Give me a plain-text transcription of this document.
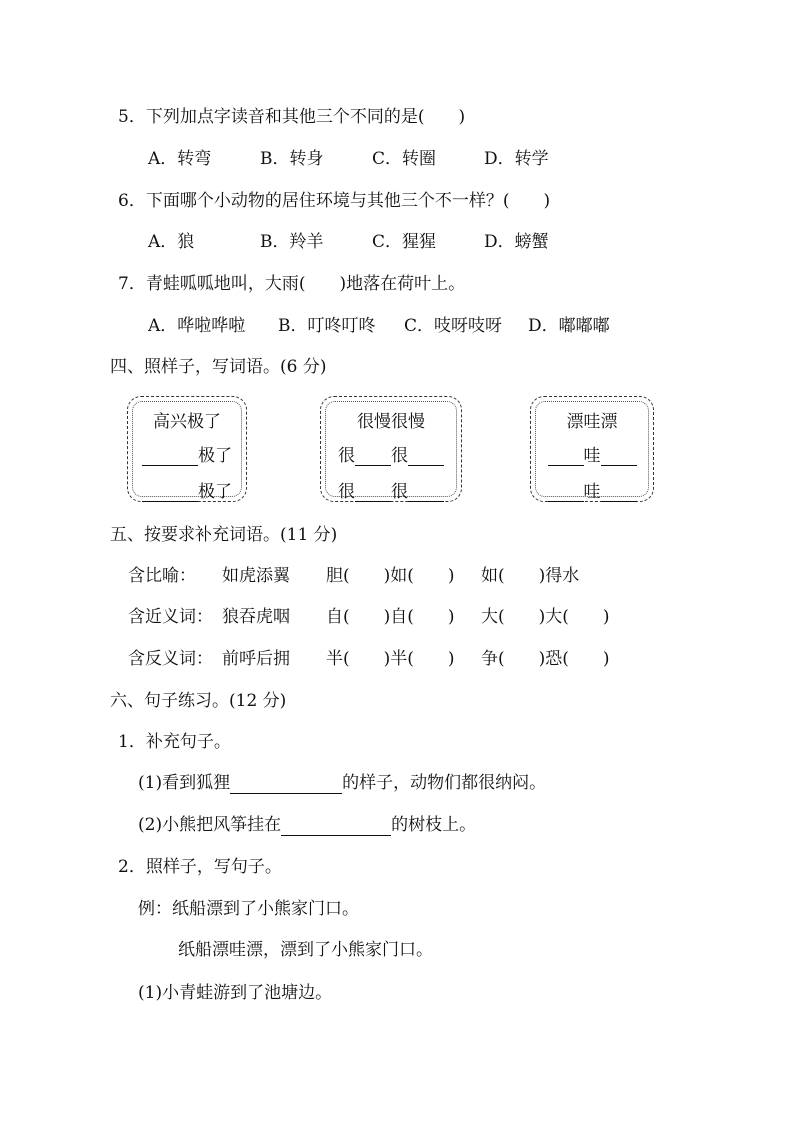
5．下列加点字读音和其他三个不同的是(　　)
A．转弯	B．转身	C．转圈	D．转学
6．下面哪个小动物的居住环境与其他三个不一样？(　　)
A．狼	B．羚羊	C．猩猩	D．螃蟹
7．青蛙呱呱地叫，大雨(　　)地落在荷叶上。
A．哗啦哗啦 B．叮咚叮咚 C．吱呀吱呀 D．嘟嘟嘟
四、照样子，写词语。(6 分)
高兴极了
极了
极了
很慢很慢
很 很
很 很
漂哇漂
哇
哇
五、按要求补充词语。(11 分)
含比喻： 如虎添翼 胆(　　)如(　　) 如(　　)得水
含近义词： 狼吞虎咽 自(　　)自(　　) 大(　　)大(　　)
含反义词： 前呼后拥 半(　　)半(　　) 争(　　)恐(　　)
六、句子练习。(12 分)
1．补充句子。
(1)看到狐狸	的样子，动物们都很纳闷。
(2)小熊把风筝挂在	的树枝上。
2．照样子，写句子。
例：纸船漂到了小熊家门口。
纸船漂哇漂，漂到了小熊家门口。
(1)小青蛙游到了池塘边。
